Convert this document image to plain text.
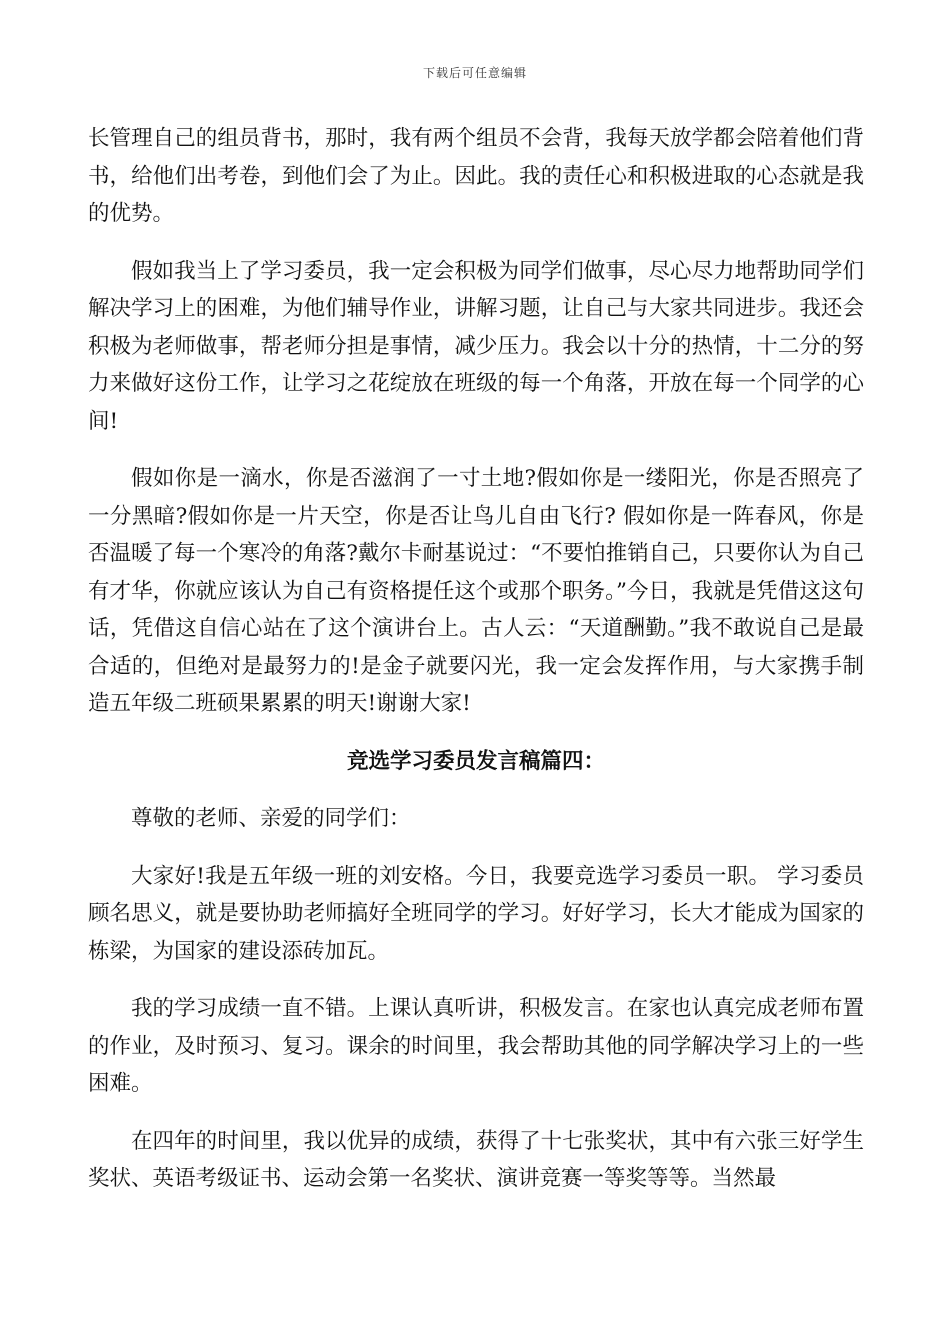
下载后可任意编辑

长管理自己的组员背书，那时，我有两个组员不会背，我每天放学都会陪着他们背书，给他们出考卷，到他们会了为止。因此。我的责任心和积极进取的心态就是我的优势。

假如我当上了学习委员，我一定会积极为同学们做事，尽心尽力地帮助同学们解决学习上的困难，为他们辅导作业，讲解习题，让自己与大家共同进步。我还会积极为老师做事，帮老师分担是事情，减少压力。我会以十分的热情，十二分的努力来做好这份工作，让学习之花绽放在班级的每一个角落，开放在每一个同学的心间!

假如你是一滴水，你是否滋润了一寸土地?假如你是一缕阳光，你是否照亮了一分黑暗?假如你是一片天空，你是否让鸟儿自由飞行? 假如你是一阵春风，你是否温暖了每一个寒冷的角落?戴尔卡耐基说过：“不要怕推销自己，只要你认为自己有才华，你就应该认为自己有资格提任这个或那个职务。”今日，我就是凭借这这句话，凭借这自信心站在了这个演讲台上。古人云：“天道酬勤。”我不敢说自己是最合适的，但绝对是最努力的!是金子就要闪光，我一定会发挥作用，与大家携手制造五年级二班硕果累累的明天!谢谢大家!

竞选学习委员发言稿篇四：

尊敬的老师、亲爱的同学们：

大家好!我是五年级一班的刘安格。今日，我要竞选学习委员一职。 学习委员顾名思义，就是要协助老师搞好全班同学的学习。好好学习，长大才能成为国家的栋梁，为国家的建设添砖加瓦。

我的学习成绩一直不错。上课认真听讲，积极发言。在家也认真完成老师布置的作业，及时预习、复习。课余的时间里，我会帮助其他的同学解决学习上的一些困难。

在四年的时间里，我以优异的成绩，获得了十七张奖状，其中有六张三好学生奖状、英语考级证书、运动会第一名奖状、演讲竞赛一等奖等等。当然最
